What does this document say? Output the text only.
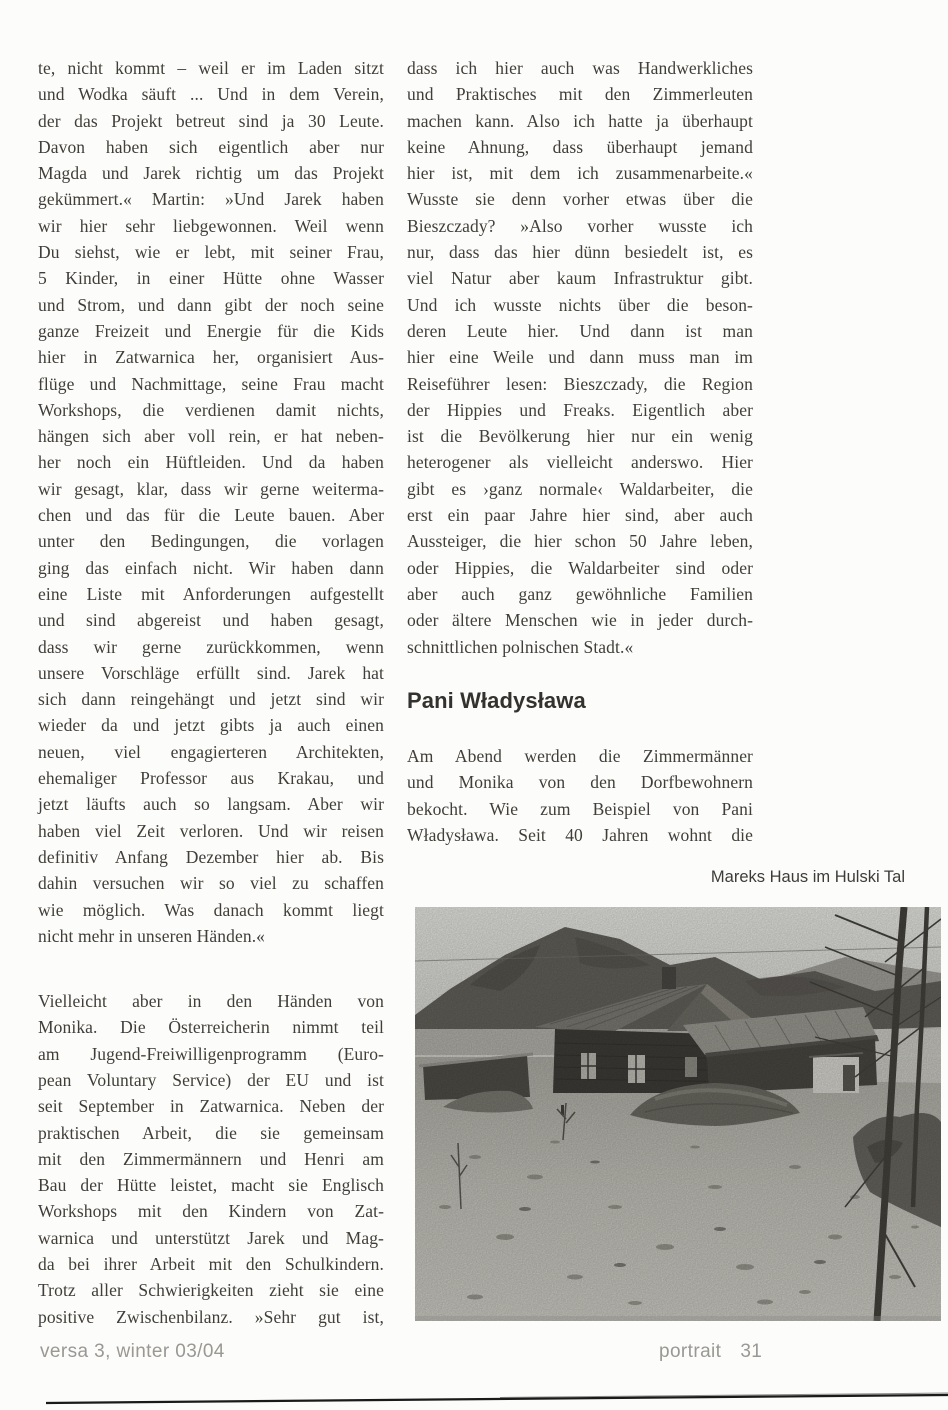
te, nicht kommt – weil er im Laden sitzt
und Wodka säuft ... Und in dem Verein,
der das Projekt betreut sind ja 30 Leute.
Davon haben sich eigentlich aber nur
Magda und Jarek richtig um das Projekt
gekümmert.« Martin: »Und Jarek haben
wir hier sehr liebgewonnen. Weil wenn
Du siehst, wie er lebt, mit seiner Frau,
5 Kinder, in einer Hütte ohne Wasser
und Strom, und dann gibt der noch seine
ganze Freizeit und Energie für die Kids
hier in Zatwarnica her, organisiert Aus-
flüge und Nachmittage, seine Frau macht
Workshops, die verdienen damit nichts,
hängen sich aber voll rein, er hat neben-
her noch ein Hüftleiden. Und da haben
wir gesagt, klar, dass wir gerne weiterma-
chen und das für die Leute bauen. Aber
unter den Bedingungen, die vorlagen
ging das einfach nicht. Wir haben dann
eine Liste mit Anforderungen aufgestellt
und sind abgereist und haben gesagt,
dass wir gerne zurückkommen, wenn
unsere Vorschläge erfüllt sind. Jarek hat
sich dann reingehängt und jetzt sind wir
wieder da und jetzt gibts ja auch einen
neuen, viel engagierteren Architekten,
ehemaliger Professor aus Krakau, und
jetzt läufts auch so langsam. Aber wir
haben viel Zeit verloren. Und wir reisen
definitiv Anfang Dezember hier ab. Bis
dahin versuchen wir so viel zu schaffen
wie möglich. Was danach kommt liegt
nicht mehr in unseren Händen.«
Vielleicht aber in den Händen von
Monika. Die Österreicherin nimmt teil
am Jugend-Freiwilligenprogramm (Euro-
pean Voluntary Service) der EU und ist
seit September in Zatwarnica. Neben der
praktischen Arbeit, die sie gemeinsam
mit den Zimmermännern und Henri am
Bau der Hütte leistet, macht sie Englisch
Workshops mit den Kindern von Zat-
warnica und unterstützt Jarek und Mag-
da bei ihrer Arbeit mit den Schulkindern.
Trotz aller Schwierigkeiten zieht sie eine
positive Zwischenbilanz. »Sehr gut ist,
dass ich hier auch was Handwerkliches
und Praktisches mit den Zimmerleuten
machen kann. Also ich hatte ja überhaupt
keine Ahnung, dass überhaupt jemand
hier ist, mit dem ich zusammenarbeite.«
Wusste sie denn vorher etwas über die
Bieszczady? »Also vorher wusste ich
nur, dass das hier dünn besiedelt ist, es
viel Natur aber kaum Infrastruktur gibt.
Und ich wusste nichts über die beson-
deren Leute hier. Und dann ist man
hier eine Weile und dann muss man im
Reiseführer lesen: Bieszczady, die Region
der Hippies und Freaks. Eigentlich aber
ist die Bevölkerung hier nur ein wenig
heterogener als vielleicht anderswo. Hier
gibt es ›ganz normale‹ Waldarbeiter, die
erst ein paar Jahre hier sind, aber auch
Aussteiger, die hier schon 50 Jahre leben,
oder Hippies, die Waldarbeiter sind oder
aber auch ganz gewöhnliche Familien
oder ältere Menschen wie in jeder durch-
schnittlichen polnischen Stadt.«
Pani Władysława
Am Abend werden die Zimmermänner
und Monika von den Dorfbewohnern
bekocht. Wie zum Beispiel von Pani
Władysława. Seit 40 Jahren wohnt die
Mareks Haus im Hulski Tal
versa 3, winter 03/04	portrait 31
